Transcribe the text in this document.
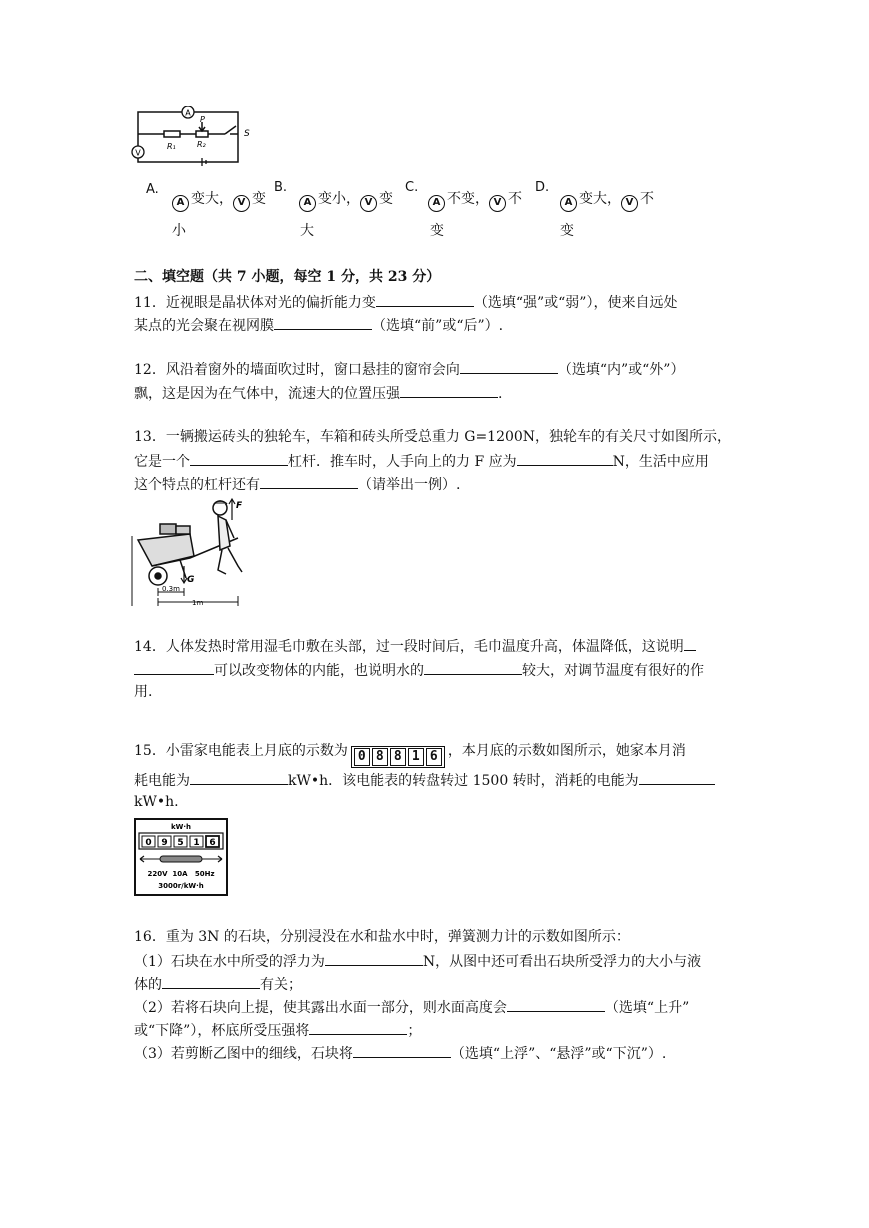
A
V
R₁	R₂
P
S
A.
A 变大， V 变
小
B.
A 变小， V 变
大
C.
A 不变， V 不
变
D.
A 变大， V 不
变
二、填空题（共 7 小题，每空 1 分，共 23 分）
11．近视眼是晶状体对光的偏折能力变	（选填“强”或“弱”），使来自远处
某点的光会聚在视网膜	（选填“前”或“后”）.
12．风沿着窗外的墙面吹过时，窗口悬挂的窗帘会向	（选填“内”或“外”）
飘，这是因为在气体中，流速大的位置压强	.
13．一辆搬运砖头的独轮车，车箱和砖头所受总重力 G=1200N，独轮车的有关尺寸如图所示，
它是一个	杠杆．推车时，人手向上的力 F 应为	N，生活中应用
这个特点的杠杆还有	（请举出一例）.
F
G
0.3m
1m
14．人体发热时常用湿毛巾敷在头部，过一段时间后，毛巾温度升高，体温降低，这说明
可以改变物体的内能，也说明水的	较大，对调节温度有很好的作
用.
15．小雷家电能表上月底的示数为 0 8 8 1 6 ，本月底的示数如图所示，她家本月消
耗电能为	kW•h．该电能表的转盘转过 1500 转时，消耗的电能为
kW•h.
kW·h
0 9 5 1 6
220V  10A   50Hz
3000r/kW·h
16．重为 3N 的石块，分别浸没在水和盐水中时，弹簧测力计的示数如图所示：
（1）石块在水中所受的浮力为	N，从图中还可看出石块所受浮力的大小与液
体的	有关；
（2）若将石块向上提，使其露出水面一部分，则水面高度会	（选填“上升”
或“下降”），杯底所受压强将	；
（3）若剪断乙图中的细线，石块将	（选填“上浮”、“悬浮”或“下沉”）.
